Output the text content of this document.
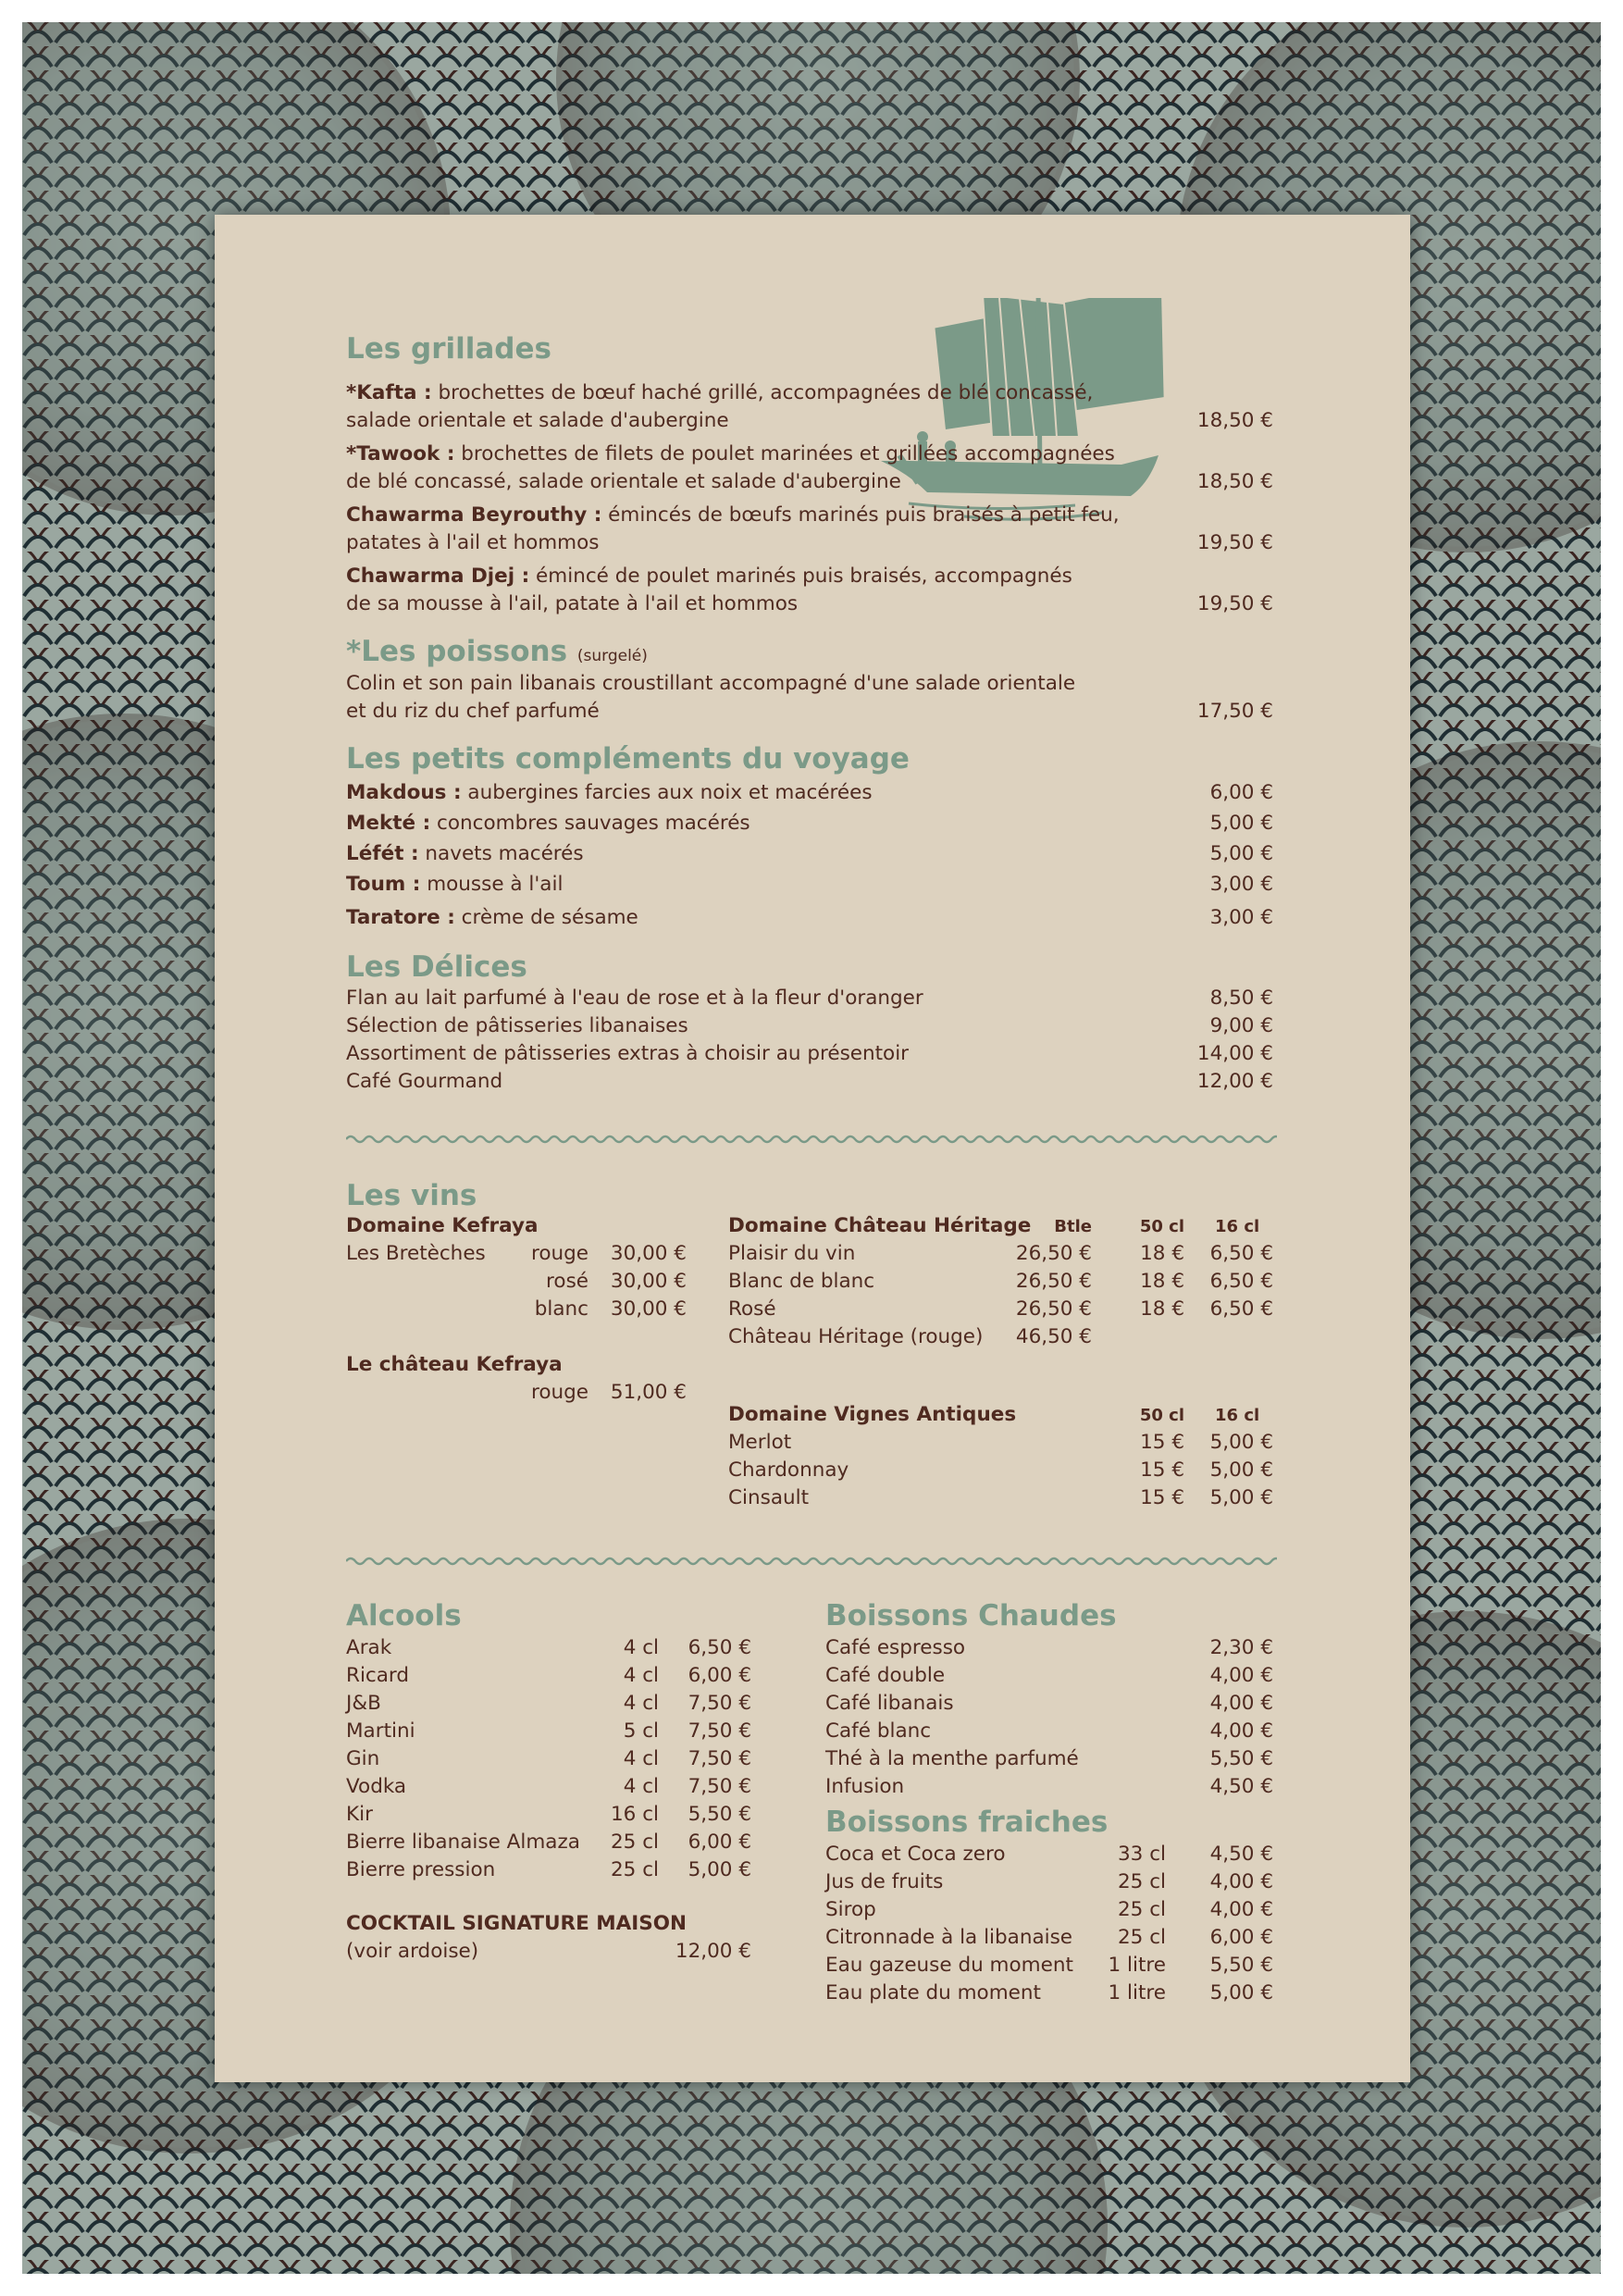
Les grillades
*Kafta : brochettes de bœuf haché grillé, accompagnées de blé concassé,
salade orientale et salade d'aubergine	18,50 €
*Tawook : brochettes de filets de poulet marinées et grillées accompagnées
de blé concassé, salade orientale et salade d'aubergine	18,50 €
Chawarma Beyrouthy : émincés de bœufs marinés puis braisés à petit feu,
patates à l'ail et hommos	19,50 €
Chawarma Djej : émincé de poulet marinés puis braisés, accompagnés
de sa mousse à l'ail, patate à l'ail et hommos	19,50 €
*Les poissons (surgelé)
Colin et son pain libanais croustillant accompagné d'une salade orientale
et du riz du chef parfumé	17,50 €
Les petits compléments du voyage
Makdous : aubergines farcies aux noix et macérées	6,00 €
Mekté : concombres sauvages macérés	5,00 €
Léfét : navets macérés	5,00 €
Toum : mousse à l'ail	3,00 €
Taratore : crème de sésame	3,00 €
Les Délices
Flan au lait parfumé à l'eau de rose et à la fleur d'oranger	8,50 €
Sélection de pâtisseries libanaises	9,00 €
Assortiment de pâtisseries extras à choisir au présentoir	14,00 €
Café Gourmand	12,00 €
Les vins
Domaine Kefraya
Les Bretèches	rouge	30,00 €
rosé	30,00 €
blanc	30,00 €
Le château Kefraya
rouge	51,00 €
Domaine Château Héritage	Btle	50 cl 16 cl
Plaisir du vin	26,50 €	18 €	6,50 €
Blanc de blanc	26,50 €	18 €	6,50 €
Rosé	26,50 €	18 €	6,50 €
Château Héritage (rouge)	46,50 €
Domaine Vignes Antiques	50 cl 16 cl
Merlot	15 €	5,00 €
Chardonnay	15 €	5,00 €
Cinsault	15 €	5,00 €
Alcools
Arak	4 cl	6,50 €
Ricard	4 cl	6,00 €
J&B	4 cl	7,50 €
Martini	5 cl	7,50 €
Gin	4 cl	7,50 €
Vodka	4 cl	7,50 €
Kir	16 cl	5,50 €
Bierre libanaise Almaza	25 cl	6,00 €
Bierre pression	25 cl	5,00 €
COCKTAIL SIGNATURE MAISON
(voir ardoise)	12,00 €
Boissons Chaudes
Café espresso	2,30 €
Café double	4,00 €
Café libanais	4,00 €
Café blanc	4,00 €
Thé à la menthe parfumé	5,50 €
Infusion	4,50 €
Boissons fraiches
Coca et Coca zero	33 cl	4,50 €
Jus de fruits	25 cl	4,00 €
Sirop	25 cl	4,00 €
Citronnade à la libanaise	25 cl	6,00 €
Eau gazeuse du moment	1 litre	5,50 €
Eau plate du moment	1 litre	5,00 €
